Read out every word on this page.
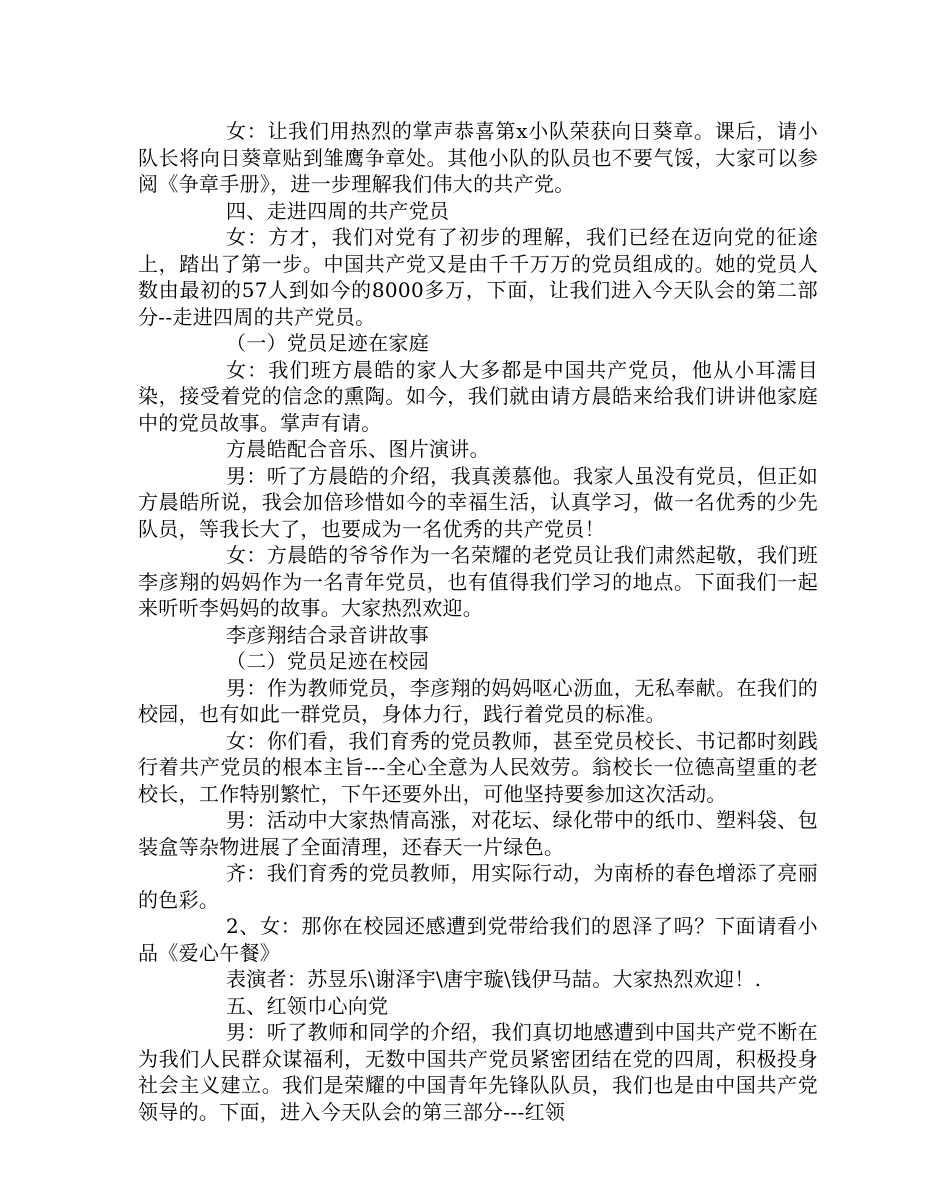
女：让我们用热烈的掌声恭喜第x小队荣获向日葵章。课后，请小队长将向日葵章贴到雏鹰争章处。其他小队的队员也不要气馁，大家可以参阅《争章手册》，进一步理解我们伟大的共产党。

四、走进四周的共产党员

女：方才，我们对党有了初步的理解，我们已经在迈向党的征途上，踏出了第一步。中国共产党又是由千千万万的党员组成的。她的党员人数由最初的57人到如今的8000多万，下面，让我们进入今天队会的第二部分--走进四周的共产党员。

（一）党员足迹在家庭

女：我们班方晨皓的家人大多都是中国共产党员，他从小耳濡目染，接受着党的信念的熏陶。如今，我们就由请方晨皓来给我们讲讲他家庭中的党员故事。掌声有请。

方晨皓配合音乐、图片演讲。

男：听了方晨皓的介绍，我真羡慕他。我家人虽没有党员，但正如方晨皓所说，我会加倍珍惜如今的幸福生活，认真学习，做一名优秀的少先队员，等我长大了，也要成为一名优秀的共产党员！

女：方晨皓的爷爷作为一名荣耀的老党员让我们肃然起敬，我们班李彦翔的妈妈作为一名青年党员，也有值得我们学习的地点。下面我们一起来听听李妈妈的故事。大家热烈欢迎。

李彦翔结合录音讲故事

（二）党员足迹在校园

男：作为教师党员，李彦翔的妈妈呕心沥血，无私奉献。在我们的校园，也有如此一群党员，身体力行，践行着党员的标准。

女：你们看，我们育秀的党员教师，甚至党员校长、书记都时刻践行着共产党员的根本主旨---全心全意为人民效劳。翁校长一位德高望重的老校长，工作特别繁忙，下午还要外出，可他坚持要参加这次活动。

男：活动中大家热情高涨，对花坛、绿化带中的纸巾、塑料袋、包装盒等杂物进展了全面清理，还春天一片绿色。

齐：我们育秀的党员教师，用实际行动，为南桥的春色增添了亮丽的色彩。

2、女：那你在校园还感遭到党带给我们的恩泽了吗？下面请看小品《爱心午餐》

表演者：苏昱乐\谢泽宇\唐宇璇\钱伊马喆。大家热烈欢迎！.

五、红领巾心向党

男：听了教师和同学的介绍，我们真切地感遭到中国共产党不断在为我们人民群众谋福利，无数中国共产党员紧密团结在党的四周，积极投身社会主义建立。我们是荣耀的中国青年先锋队队员，我们也是由中国共产党领导的。下面，进入今天队会的第三部分---红领
